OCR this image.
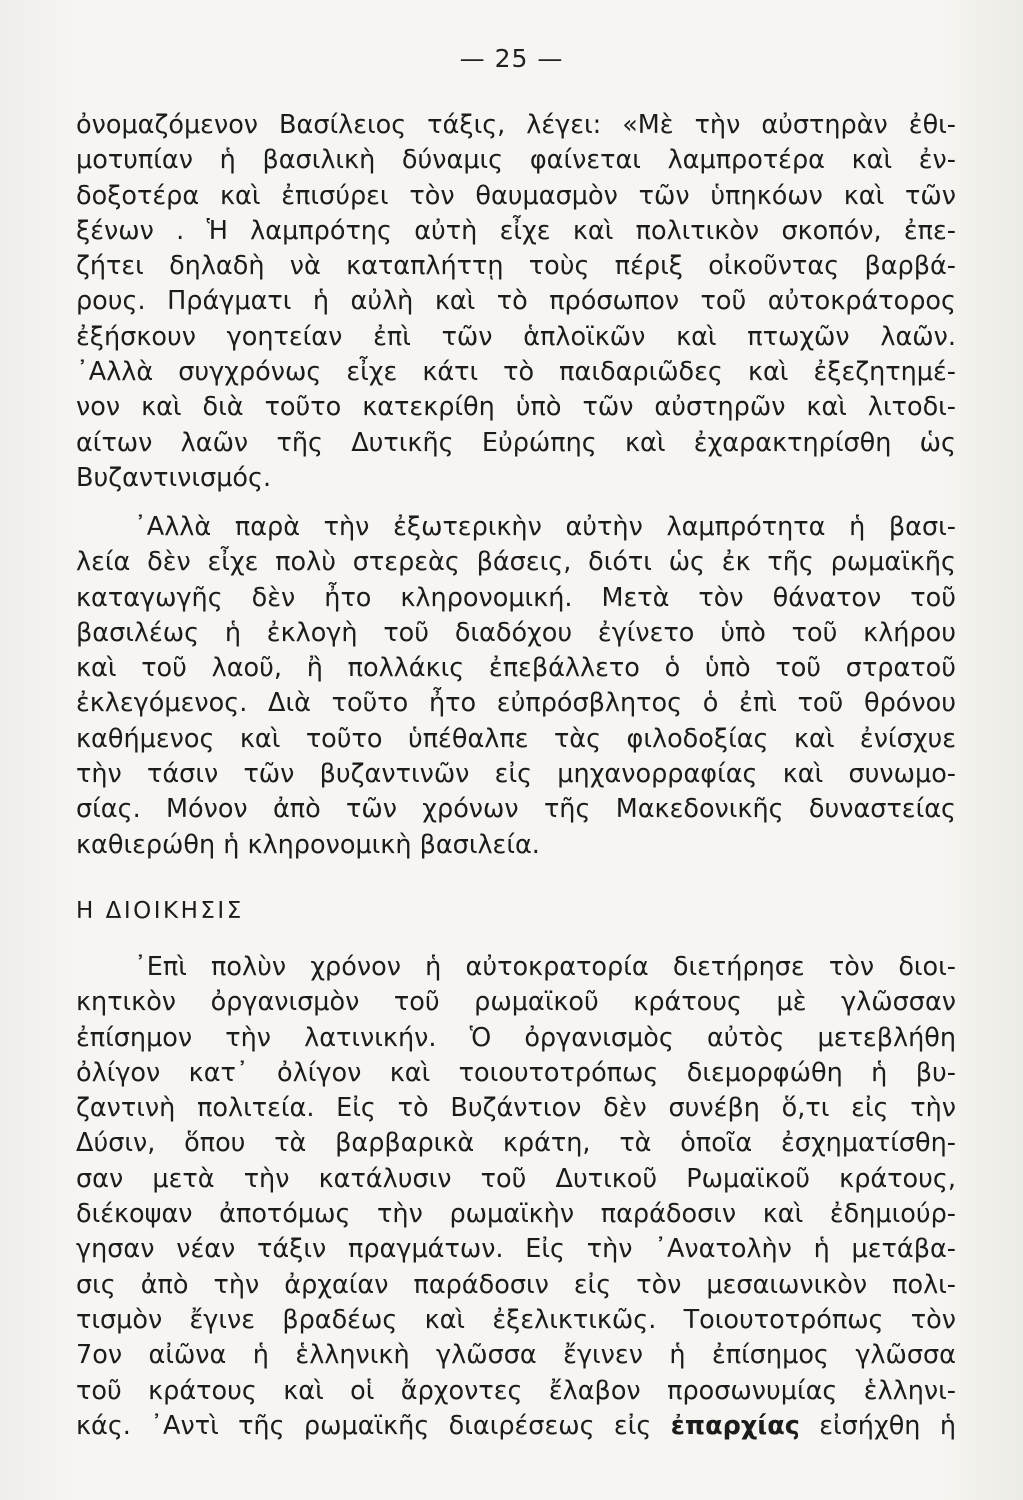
— 25 —
ὀνομαζόμενον Βασίλειος τάξις, λέγει: «Μὲ τὴν αὐστηρὰν ἐθι-
μοτυπίαν ἡ βασιλικὴ δύναμις φαίνεται λαμπροτέρα καὶ ἐν-
δοξοτέρα καὶ ἐπισύρει τὸν θαυμασμὸν τῶν ὑπηκόων καὶ τῶν
ξένων . Ἡ λαμπρότης αὐτὴ εἶχε καὶ πολιτικὸν σκοπόν, ἐπε-
ζήτει δηλαδὴ νὰ καταπλήττῃ τοὺς πέριξ οἰκοῦντας βαρβά-
ρους. Πράγματι ἡ αὐλὴ καὶ τὸ πρόσωπον τοῦ αὐτοκράτορος
ἐξήσκουν γοητείαν ἐπὶ τῶν ἁπλοϊκῶν καὶ πτωχῶν λαῶν.
᾿Αλλὰ συγχρόνως εἶχε κάτι τὸ παιδαριῶδες καὶ ἐξεζητημέ-
νον καὶ διὰ τοῦτο κατεκρίθη ὑπὸ τῶν αὐστηρῶν καὶ λιτοδι-
αίτων λαῶν τῆς Δυτικῆς Εὐρώπης καὶ ἐχαρακτηρίσθη ὡς
Βυζαντινισμός.
᾿Αλλὰ παρὰ τὴν ἐξωτερικὴν αὐτὴν λαμπρότητα ἡ βασι-
λεία δὲν εἶχε πολὺ στερεὰς βάσεις, διότι ὡς ἐκ τῆς ρωμαϊκῆς
καταγωγῆς δὲν ἦτο κληρονομική. Μετὰ τὸν θάνατον τοῦ
βασιλέως ἡ ἐκλογὴ τοῦ διαδόχου ἐγίνετο ὑπὸ τοῦ κλήρου
καὶ τοῦ λαοῦ, ἢ πολλάκις ἐπεβάλλετο ὁ ὑπὸ τοῦ στρατοῦ
ἐκλεγόμενος. Διὰ τοῦτο ἦτο εὐπρόσβλητος ὁ ἐπὶ τοῦ θρόνου
καθήμενος καὶ τοῦτο ὑπέθαλπε τὰς φιλοδοξίας καὶ ἐνίσχυε
τὴν τάσιν τῶν βυζαντινῶν εἰς μηχανορραφίας καὶ συνωμο-
σίας. Μόνον ἀπὸ τῶν χρόνων τῆς Μακεδονικῆς δυναστείας
καθιερώθη ἡ κληρονομικὴ βασιλεία.
Η ΔΙΟΙΚΗΣΙΣ
᾿Επὶ πολὺν χρόνον ἡ αὐτοκρατορία διετήρησε τὸν διοι-
κητικὸν ὀργανισμὸν τοῦ ρωμαϊκοῦ κράτους μὲ γλῶσσαν
ἐπίσημον τὴν λατινικήν. Ὁ ὀργανισμὸς αὐτὸς μετεβλήθη
ὀλίγον κατ᾿ ὀλίγον καὶ τοιουτοτρόπως διεμορφώθη ἡ βυ-
ζαντινὴ πολιτεία. Εἰς τὸ Βυζάντιον δὲν συνέβη ὅ,τι εἰς τὴν
Δύσιν, ὅπου τὰ βαρβαρικὰ κράτη, τὰ ὁποῖα ἐσχηματίσθη-
σαν μετὰ τὴν κατάλυσιν τοῦ Δυτικοῦ Ρωμαϊκοῦ κράτους,
διέκοψαν ἀποτόμως τὴν ρωμαϊκὴν παράδοσιν καὶ ἐδημιούρ-
γησαν νέαν τάξιν πραγμάτων. Εἰς τὴν ᾿Ανατολὴν ἡ μετάβα-
σις ἀπὸ τὴν ἀρχαίαν παράδοσιν εἰς τὸν μεσαιωνικὸν πολι-
τισμὸν ἔγινε βραδέως καὶ ἐξελικτικῶς. Τοιουτοτρόπως τὸν
7ον αἰῶνα ἡ ἑλληνικὴ γλῶσσα ἔγινεν ἡ ἐπίσημος γλῶσσα
τοῦ κράτους καὶ οἱ ἄρχοντες ἔλαβον προσωνυμίας ἑλληνι-
κάς. ᾿Αντὶ τῆς ρωμαϊκῆς διαιρέσεως εἰς ἐπαρχίας εἰσήχθη ἡ
